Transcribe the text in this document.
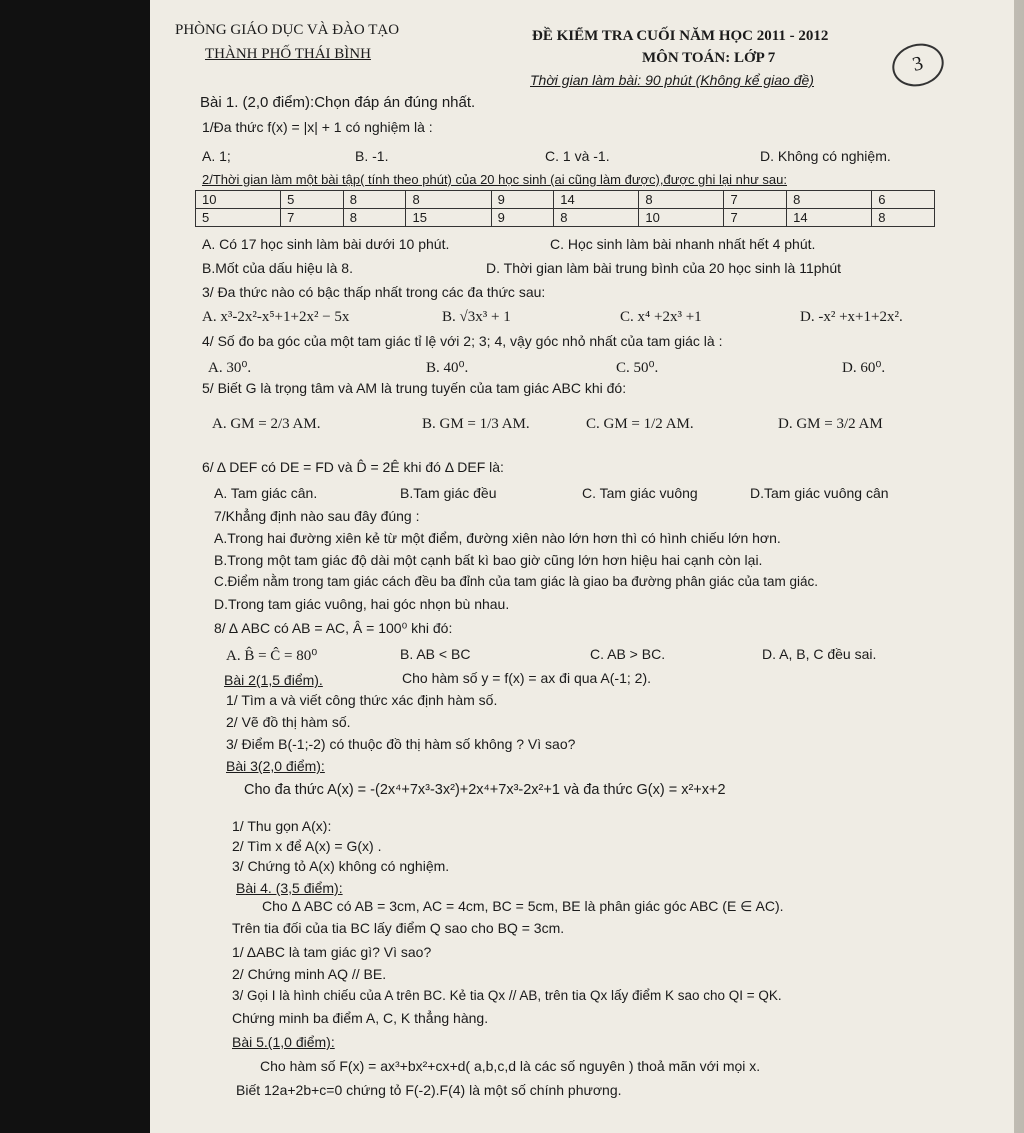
PHÒNG GIÁO DỤC VÀ ĐÀO TẠO
THÀNH PHỐ THÁI BÌNH
ĐỀ KIỂM TRA CUỐI NĂM HỌC 2011 - 2012
MÔN TOÁN: LỚP 7
Thời gian làm bài: 90 phút (Không kể giao đề)
3
Bài 1. (2,0 điểm):Chọn đáp án đúng nhất.
1/Đa thức f(x) = |x| + 1 có nghiệm là :
A. 1;	B. -1.	C. 1 và -1.	D. Không có nghiệm.
2/Thời gian làm một bài tập( tính theo phút) của 20 học sinh (ai cũng làm được),được ghi lại như sau:
10	5	8	8	9	14	8	7	8	6
5	7	8	15	9	8	10	7	14	8
A. Có 17 học sinh làm bài dưới 10 phút.	C. Học sinh làm bài nhanh nhất hết 4 phút.
B.Mốt của dấu hiệu là 8.	D. Thời gian làm bài trung bình của 20 học sinh là 11phút
3/ Đa thức nào có bậc thấp nhất trong các đa thức sau:
A. x³-2x²-x⁵+1+2x² − 5x	B. √3x³ + 1	C. x⁴ +2x³ +1	D. -x² +x+1+2x².
4/ Số đo ba góc của một tam giác tỉ lệ với 2; 3; 4, vậy góc nhỏ nhất của tam giác là :
A. 30⁰.	B. 40⁰.	C. 50⁰.	D. 60⁰.
5/ Biết G là trọng tâm và AM là trung tuyến của tam giác ABC khi đó:
A. GM = 2/3 AM.	B. GM = 1/3 AM.	C. GM = 1/2 AM.	D. GM = 3/2 AM
6/ Δ DEF có DE = FD và D̂ = 2Ê khi đó Δ DEF là:
A. Tam giác cân.	B.Tam giác đều	C. Tam giác vuông	D.Tam giác vuông cân
7/Khẳng định nào sau đây đúng :
A.Trong hai đường xiên kẻ từ một điểm, đường xiên nào lớn hơn thì có hình chiếu lớn hơn.
B.Trong một tam giác độ dài một cạnh bất kì bao giờ cũng lớn hơn hiệu hai cạnh còn lại.
C.Điểm nằm trong tam giác cách đều ba đỉnh của tam giác là giao ba đường phân giác của tam giác.
D.Trong tam giác vuông, hai góc nhọn bù nhau.
8/ Δ ABC có AB = AC, Â = 100⁰ khi đó:
A. B̂ = Ĉ = 80⁰	B. AB < BC	C. AB > BC.	D. A, B, C đều sai.
Bài 2(1,5 điểm).	Cho hàm số y = f(x) = ax đi qua A(-1; 2).
1/ Tìm a và viết công thức xác định hàm số.
2/ Vẽ đồ thị hàm số.
3/ Điểm B(-1;-2) có thuộc đồ thị hàm số không ? Vì sao?
Bài 3(2,0 điểm):
Cho đa thức A(x) = -(2x⁴+7x³-3x²)+2x⁴+7x³-2x²+1 và đa thức G(x) = x²+x+2
1/ Thu gọn A(x):
2/ Tìm x để A(x) = G(x) .
3/ Chứng tỏ A(x) không có nghiệm.
Bài 4. (3,5 điểm):
Cho Δ ABC có AB = 3cm, AC = 4cm, BC = 5cm, BE là phân giác góc ABC (E ∈ AC).
Trên tia đối của tia BC lấy điểm Q sao cho BQ = 3cm.
1/ ΔABC là tam giác gì? Vì sao?
2/ Chứng minh AQ // BE.
3/ Gọi I là hình chiếu của A trên BC. Kẻ tia Qx // AB, trên tia Qx lấy điểm K sao cho QI = QK.
Chứng minh ba điểm A, C, K thẳng hàng.
Bài 5.(1,0 điểm):
Cho hàm số F(x) = ax³+bx²+cx+d( a,b,c,d là các số nguyên ) thoả mãn với mọi x.
Biết 12a+2b+c=0 chứng tỏ F(-2).F(4) là một số chính phương.
